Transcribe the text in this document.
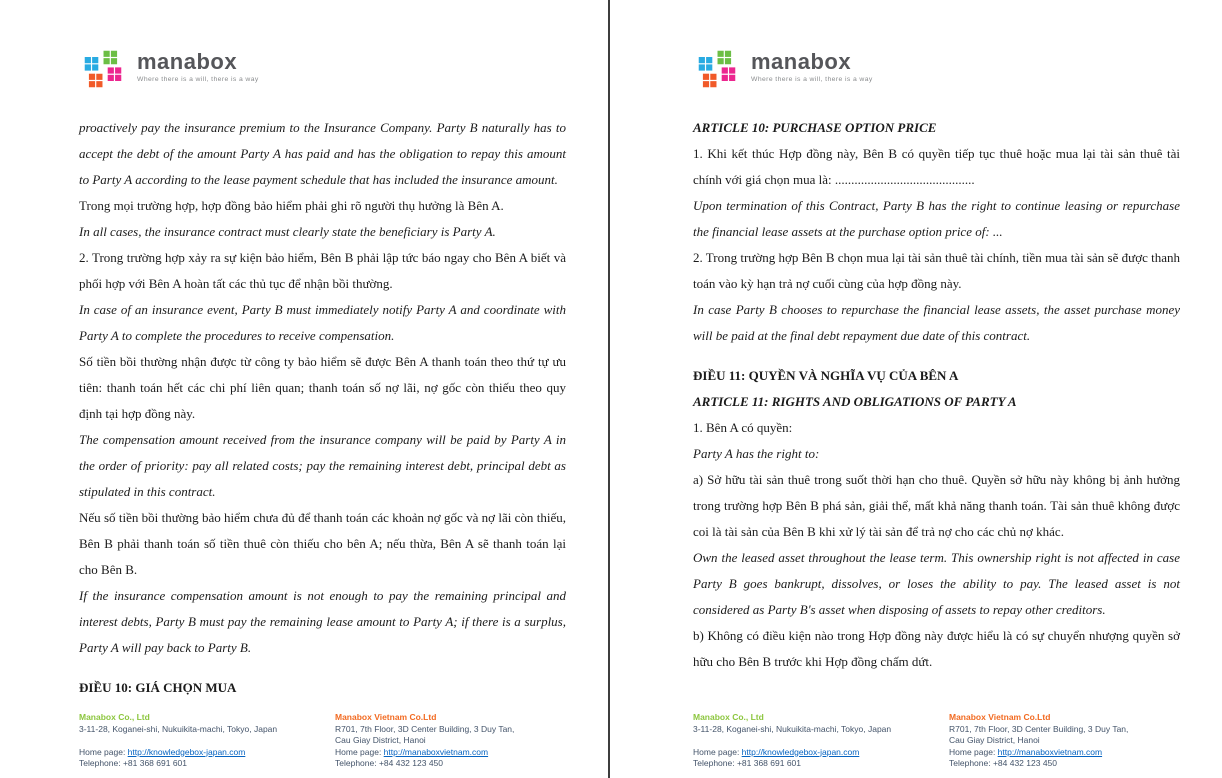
manabox
Where there is a will, there is a way

proactively pay the insurance premium to the Insurance Company. Party B naturally has to accept the debt of the amount Party A has paid and has the obligation to repay this amount to Party A according to the lease payment schedule that has included the insurance amount.

Trong mọi trường hợp, hợp đồng bảo hiểm phải ghi rõ người thụ hưởng là Bên A.

In all cases, the insurance contract must clearly state the beneficiary is Party A.

2. Trong trường hợp xảy ra sự kiện bảo hiểm, Bên B phải lập tức báo ngay cho Bên A biết và phối hợp với Bên A hoàn tất các thủ tục để nhận bồi thường.

In case of an insurance event, Party B must immediately notify Party A and coordinate with Party A to complete the procedures to receive compensation.

Số tiền bồi thường nhận được từ công ty bảo hiểm sẽ được Bên A thanh toán theo thứ tự ưu tiên: thanh toán hết các chi phí liên quan; thanh toán số nợ lãi, nợ gốc còn thiếu theo quy định tại hợp đồng này.

The compensation amount received from the insurance company will be paid by Party A in the order of priority: pay all related costs; pay the remaining interest debt, principal debt as stipulated in this contract.

Nếu số tiền bồi thường bảo hiểm chưa đủ để thanh toán các khoản nợ gốc và nợ lãi còn thiếu, Bên B phải thanh toán số tiền thuê còn thiếu cho bên A; nếu thừa, Bên A sẽ thanh toán lại cho Bên B.

If the insurance compensation amount is not enough to pay the remaining principal and interest debts, Party B must pay the remaining lease amount to Party A; if there is a surplus, Party A will pay back to Party B.

ĐIỀU 10: GIÁ CHỌN MUA

Manabox Co., Ltd
3-11-28, Koganei-shi, Nukuikita-machi, Tokyo, Japan
Home page: http://knowledgebox-japan.com
Telephone: +81 368 691 601
Manabox Vietnam Co.Ltd
R701, 7th Floor, 3D Center Building, 3 Duy Tan,
Cau Giay District, Hanoi
Home page: http://manaboxvietnam.com
Telephone: +84 432 123 450
manabox
Where there is a will, there is a way

ARTICLE 10: PURCHASE OPTION PRICE

1. Khi kết thúc Hợp đồng này, Bên B có quyền tiếp tục thuê hoặc mua lại tài sản thuê tài chính với giá chọn mua là: ...........................................

Upon termination of this Contract, Party B has the right to continue leasing or repurchase the financial lease assets at the purchase option price of: ...

2. Trong trường hợp Bên B chọn mua lại tài sản thuê tài chính, tiền mua tài sản sẽ được thanh toán vào kỳ hạn trả nợ cuối cùng của hợp đồng này.

In case Party B chooses to repurchase the financial lease assets, the asset purchase money will be paid at the final debt repayment due date of this contract.

ĐIỀU 11: QUYỀN VÀ NGHĨA VỤ CỦA BÊN A

ARTICLE 11: RIGHTS AND OBLIGATIONS OF PARTY A

1. Bên A có quyền:

Party A has the right to:

a) Sở hữu tài sản thuê trong suốt thời hạn cho thuê. Quyền sở hữu này không bị ảnh hưởng trong trường hợp Bên B phá sản, giải thể, mất khả năng thanh toán. Tài sản thuê không được coi là tài sản của Bên B khi xử lý tài sản để trả nợ cho các chủ nợ khác.

Own the leased asset throughout the lease term. This ownership right is not affected in case Party B goes bankrupt, dissolves, or loses the ability to pay. The leased asset is not considered as Party B's asset when disposing of assets to repay other creditors.

b) Không có điều kiện nào trong Hợp đồng này được hiểu là có sự chuyển nhượng quyền sở hữu cho Bên B trước khi Hợp đồng chấm dứt.

Manabox Co., Ltd
3-11-28, Koganei-shi, Nukuikita-machi, Tokyo, Japan
Home page: http://knowledgebox-japan.com
Telephone: +81 368 691 601
Manabox Vietnam Co.Ltd
R701, 7th Floor, 3D Center Building, 3 Duy Tan,
Cau Giay District, Hanoi
Home page: http://manaboxvietnam.com
Telephone: +84 432 123 450
